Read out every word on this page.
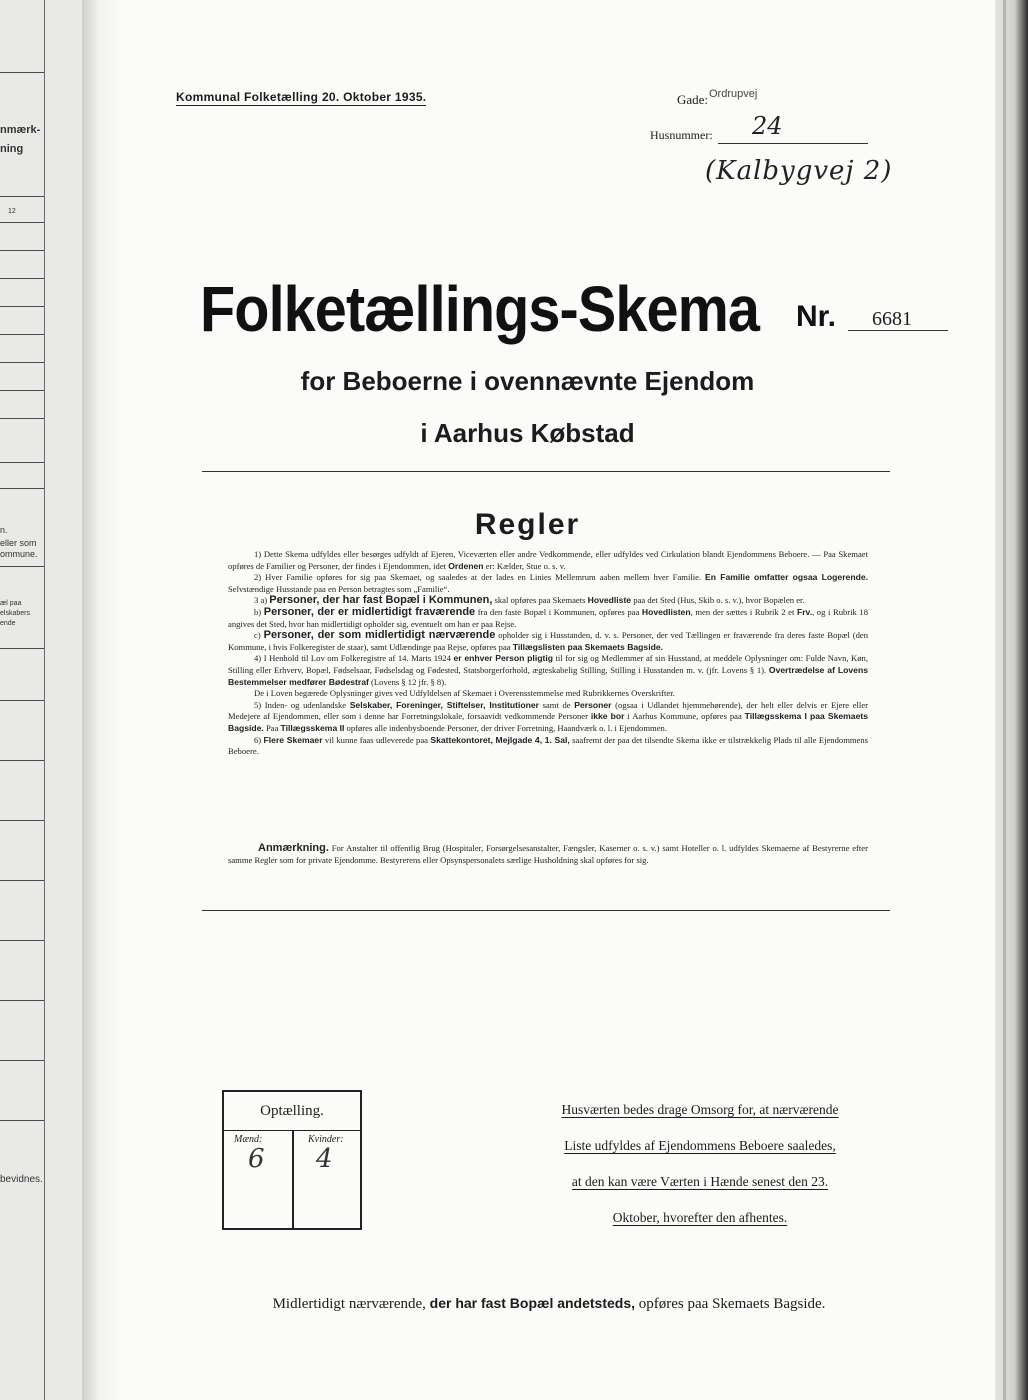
nmærk-
ning
12
n.
eller som
ommune.
æl paa
elskabers
ende
bevidnes.
Kommunal Folketælling 20. Oktober 1935.	Gade: Ordrupvej
Husnummer: 24
(Kalbygvej 2)
Folketællings-Skema Nr. 6681
for Beboerne i ovennævnte Ejendom
i Aarhus Købstad
Regler

1) Dette Skema udfyldes eller besørges udfyldt af Ejeren, Viceværten eller andre Vedkommende, eller udfyldes ved Cirkulation blandt Ejendommens Beboere. — Paa Skemaet opføres de Familier og Personer, der findes i Ejendommen, idet Ordenen er: Kælder, Stue o. s. v.

2) Hver Familie opføres for sig paa Skemaet, og saaledes at der lades en Linies Mellemrum aaben mellem hver Familie. En Familie omfatter ogsaa Logerende. Selvstændige Husstande paa en Person betragtes som „Familie“.

3 a) Personer, der har fast Bopæl i Kommunen, skal opføres paa Skemaets Hovedliste paa det Sted (Hus, Skib o. s. v.), hvor Bopælen er.

b) Personer, der er midlertidigt fraværende fra den faste Bopæl i Kommunen, opføres paa Hovedlisten, men der sættes i Rubrik 2 et Frv., og i Rubrik 18 angives det Sted, hvor han midlertidigt opholder sig, eventuelt om han er paa Rejse.

c) Personer, der som midlertidigt nærværende opholder sig i Husstanden, d. v. s. Personer, der ved Tællingen er fraværende fra deres faste Bopæl (den Kommune, i hvis Folkeregister de staar), samt Udlændinge paa Rejse, opføres paa Tillægslisten paa Skemaets Bagside.

4) I Henhold til Lov om Folkeregistre af 14. Marts 1924 er enhver Person pligtig til for sig og Medlemmer af sin Husstand, at meddele Oplysninger om: Fulde Navn, Køn, Stilling eller Erhverv, Bopæl, Fødselsaar, Fødselsdag og Fødested, Statsborgerforhold, ægteskabelig Stilling, Stilling i Husstanden m. v. (jfr. Lovens § 1). Overtrædelse af Lovens Bestemmelser medfører Bødestraf (Lovens § 12 jfr. § 8).

De i Loven begærede Oplysninger gives ved Udfyldelsen af Skemaet i Overensstemmelse med Rubrikkernes Overskrifter.

5) Inden- og udenlandske Selskaber, Foreninger, Stiftelser, Institutioner samt de Personer (ogsaa i Udlandet hjemmehørende), der helt eller delvis er Ejere eller Medejere af Ejendommen, eller som i denne har Forretningslokale, forsaavidt vedkommende Personer ikke bor i Aarhus Kommune, opføres paa Tillægsskema I paa Skemaets Bagside. Paa Tillægsskema II opføres alle indenbysboende Personer, der driver Forretning, Haandværk o. l. i Ejendommen.

6) Flere Skemaer vil kunne faas udleverede paa Skattekontoret, Mejlgade 4, 1. Sal, saafremt der paa det tilsendte Skema ikke er tilstrækkelig Plads til alle Ejendommens Beboere.

Anmærkning. For Anstalter til offentlig Brug (Hospitaler, Forsørgelsesanstalter, Fængsler, Kaserner o. s. v.) samt Hoteller o. l. udfyldes Skemaerne af Bestyrerne efter samme Regler som for private Ejendomme. Bestyrerens eller Opsynspersonalets særlige Husholdning skal opføres for sig.

Optælling.
Mænd:	Kvinder:
6 4
Husværten bedes drage Omsorg for, at nærværende
Liste udfyldes af Ejendommens Beboere saaledes,
at den kan være Værten i Hænde senest den 23.
Oktober, hvorefter den afhentes.
Midlertidigt nærværende, der har fast Bopæl andetsteds, opføres paa Skemaets Bagside.
